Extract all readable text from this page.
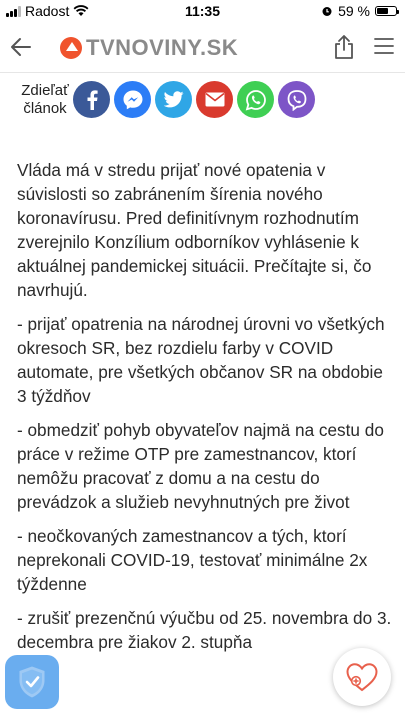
Radost	11:35	59 %
TVNOVINY.SK
Zdieľať
článok

Vláda má v stredu prijať nové opatenia v súvislosti so zabránením šírenia nového koronavírusu. Pred definitívnym rozhodnutím zverejnilo Konzílium odborníkov vyhlásenie k aktuálnej pandemickej situácii. Prečítajte si, čo navrhujú.

- prijať opatrenia na národnej úrovni vo všetkých okresoch SR, bez rozdielu farby v COVID automate, pre všetkých občanov SR na obdobie 3 týždňov

- obmedziť pohyb obyvateľov najmä na cestu do práce v režime OTP pre zamestnancov, ktorí nemôžu pracovať z domu a na cestu do prevádzok a služieb nevyhnutných pre život

- neočkovaných zamestnancov a tých, ktorí neprekonali COVID-19, testovať minimálne 2x týždenne

- zrušiť prezenčnú výučbu od 25. novembra do 3. decembra pre žiakov 2. stupňa
